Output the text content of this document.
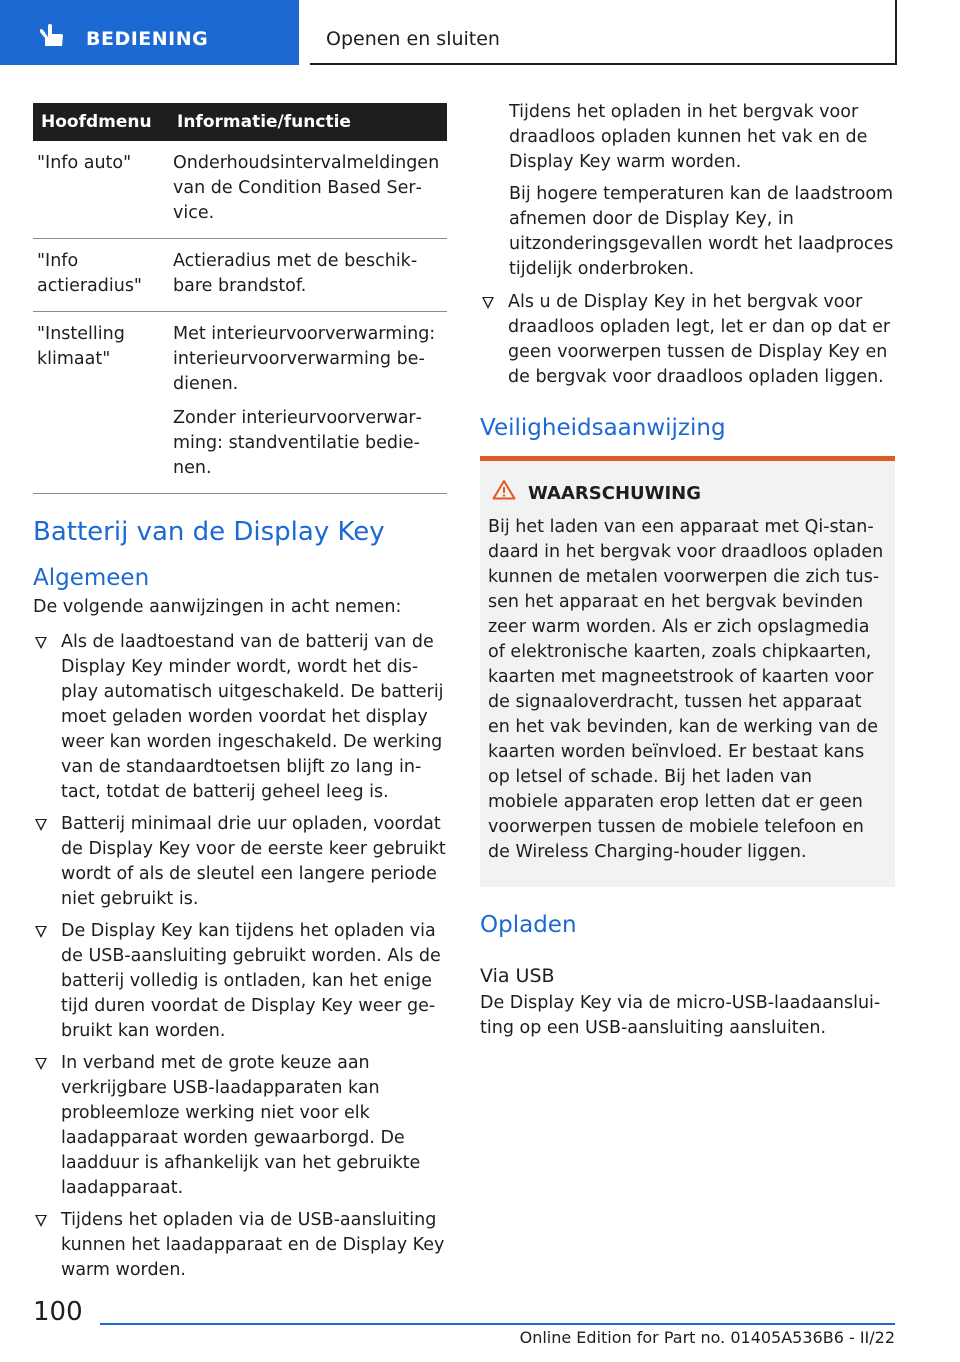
BEDIENING	Openen en sluiten
Hoofdmenu	Informatie/functie
"Info auto"	Onderhoudsintervalmeldingen van de Condition Based Service.

"Info actieradius"	Actieradius met de beschikbare brandstof.

"Instelling klimaat"	Met interieurvoorverwarming: interieurvoorverwarming bedienen.

Zonder interieurvoorverwarming: standventilatie bedienen.

Batterij van de Display Key
Algemeen

De volgende aanwijzingen in acht nemen:

Als de laadtoestand van de batterij van de Display Key minder wordt, wordt het display automatisch uitgeschakeld. De batterij moet geladen worden voordat het display weer kan worden ingeschakeld. De werking van de standaardtoetsen blijft zo lang intact, totdat de batterij geheel leeg is.
Batterij minimaal drie uur opladen, voordat de Display Key voor de eerste keer gebruikt wordt of als de sleutel een langere periode niet gebruikt is.
De Display Key kan tijdens het opladen via de USB-aansluiting gebruikt worden. Als de batterij volledig is ontladen, kan het enige tijd duren voordat de Display Key weer gebruikt kan worden.
In verband met de grote keuze aan verkrijgbare USB-laadapparaten kan probleemloze werking niet voor elk laadapparaat worden gewaarborgd. De laadduur is afhankelijk van het gebruikte laadapparaat.
Tijdens het opladen via de USB-aansluiting kunnen het laadapparaat en de Display Key warm worden.

Tijdens het opladen in het bergvak voor draadloos opladen kunnen het vak en de Display Key warm worden.

Bij hogere temperaturen kan de laadstroom afnemen door de Display Key, in uitzonderingsgevallen wordt het laadproces tijdelijk onderbroken.

Als u de Display Key in het bergvak voor draadloos opladen legt, let er dan op dat er geen voorwerpen tussen de Display Key en de bergvak voor draadloos opladen liggen.
Veiligheidsaanwijzing
WAARSCHUWING

Bij het laden van een apparaat met Qi-standaard in het bergvak voor draadloos opladen kunnen de metalen voorwerpen die zich tussen het apparaat en het bergvak bevinden zeer warm worden. Als er zich opslagmedia of elektronische kaarten, zoals chipkaarten, kaarten met magneetstrook of kaarten voor de signaaloverdracht, tussen het apparaat en het vak bevinden, kan de werking van de kaarten worden beïnvloed. Er bestaat kans op letsel of schade. Bij het laden van mobiele apparaten erop letten dat er geen voorwerpen tussen de mobiele telefoon en de Wireless Charging-houder liggen.

Opladen
Via USB

De Display Key via de micro-USB-laadaansluiting op een USB-aansluiting aansluiten.

100
Online Edition for Part no. 01405A536B6 - II/22
